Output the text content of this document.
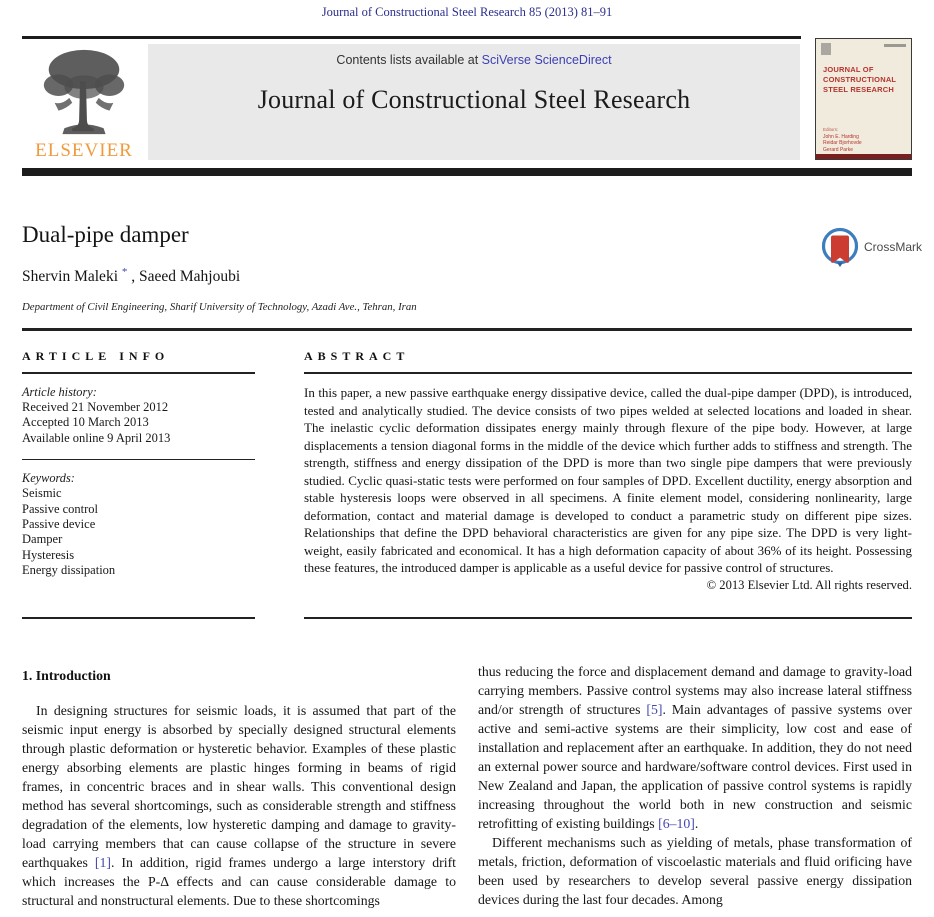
Journal of Constructional Steel Research 85 (2013) 81–91
ELSEVIER
Contents lists available at SciVerse ScienceDirect
Journal of Constructional Steel Research
JOURNAL OF
CONSTRUCTIONAL
STEEL RESEARCH
Editors:
John E. Harding
Reidar Bjorhovde
Gerard Parke
Dual-pipe damper	CrossMark
Shervin Maleki * , Saeed Mahjoubi
Department of Civil Engineering, Sharif University of Technology, Azadi Ave., Tehran, Iran
ARTICLE INFO
Article history:
Received 21 November 2012
Accepted 10 March 2013
Available online 9 April 2013
Keywords:
Seismic
Passive control
Passive device
Damper
Hysteresis
Energy dissipation
ABSTRACT
In this paper, a new passive earthquake energy dissipative device, called the dual-pipe damper (DPD), is introduced, tested and analytically studied. The device consists of two pipes welded at selected locations and loaded in shear. The inelastic cyclic deformation dissipates energy mainly through flexure of the pipe body. However, at large displacements a tension diagonal forms in the middle of the device which further adds to stiffness and strength. The strength, stiffness and energy dissipation of the DPD is more than two single pipe dampers that were previously studied. Cyclic quasi-static tests were performed on four samples of DPD. Excellent ductility, energy absorption and stable hysteresis loops were observed in all specimens. A finite element model, considering nonlinearity, large deformation, contact and material damage is developed to conduct a parametric study on different pipe sizes. Relationships that define the DPD behavioral characteristics are given for any pipe size. The DPD is very light-weight, easily fabricated and economical. It has a high deformation capacity of about 36% of its height. Possessing these features, the introduced damper is applicable as a useful device for passive control of structures.
© 2013 Elsevier Ltd. All rights reserved.
1. Introduction

In designing structures for seismic loads, it is assumed that part of the seismic input energy is absorbed by specially designed structural elements through plastic deformation or hysteretic behavior. Examples of these plastic energy absorbing elements are plastic hinges forming in beams of rigid frames, in concentric braces and in shear walls. This conventional design method has several shortcomings, such as considerable strength and stiffness degradation of the elements, low hysteretic damping and damage to gravity-load carrying members that can cause collapse of the structure in severe earthquakes [1]. In addition, rigid frames undergo a large interstory drift which increases the P-Δ effects and can cause considerable damage to structural and nonstructural elements. Due to these shortcomings

thus reducing the force and displacement demand and damage to gravity-load carrying members. Passive control systems may also increase lateral stiffness and/or strength of structures [5]. Main advantages of passive systems over active and semi-active systems are their simplicity, low cost and ease of installation and replacement after an earthquake. In addition, they do not need an external power source and hardware/software control devices. First used in New Zealand and Japan, the application of passive control systems is rapidly increasing throughout the world both in new construction and seismic retrofitting of existing buildings [6–10].

Different mechanisms such as yielding of metals, phase transformation of metals, friction, deformation of viscoelastic materials and fluid orificing have been used by researchers to develop several passive energy dissipation devices during the last four decades. Among
